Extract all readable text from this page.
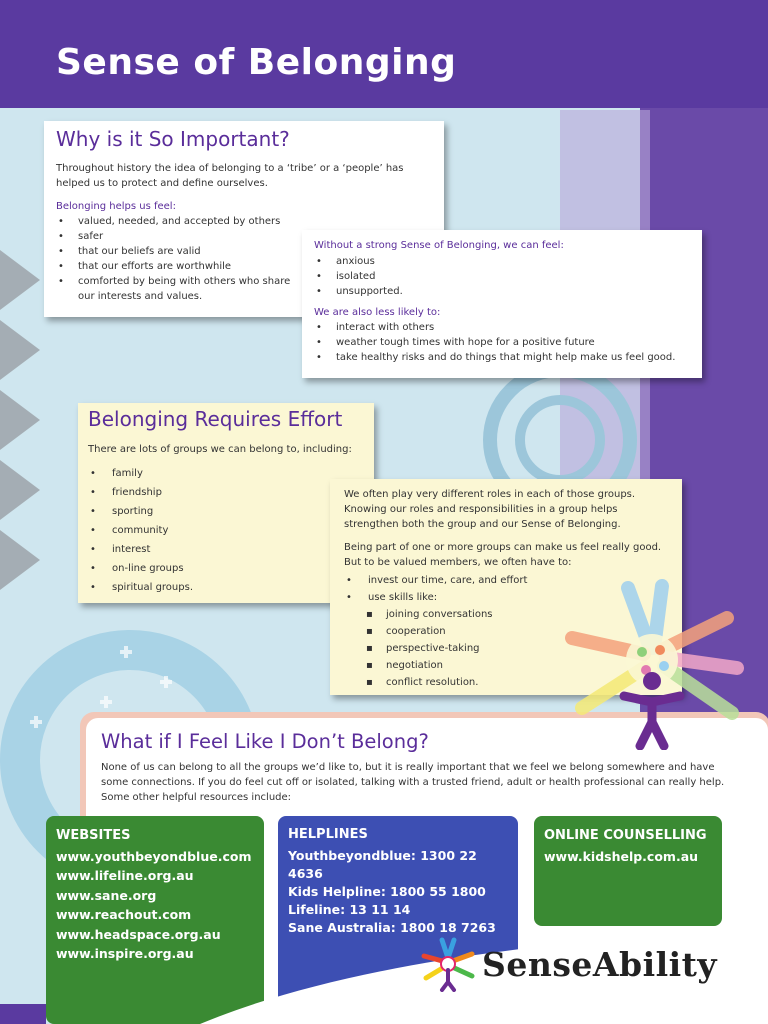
Sense of Belonging
Why is it So Important?
Throughout history the idea of belonging to a ‘tribe’ or a ‘people’ has helped us to protect and define ourselves.
Belonging helps us feel:
• valued, needed, and accepted by others
• safer
• that our beliefs are valid
• that our efforts are worthwhile
• comforted by being with others who share our interests and values.
Without a strong Sense of Belonging, we can feel:
• anxious
• isolated
• unsupported.
We are also less likely to:
• interact with others
• weather tough times with hope for a positive future
• take healthy risks and do things that might help make us feel good.
Belonging Requires Effort
There are lots of groups we can belong to, including:
• family
• friendship
• sporting
• community
• interest
• on-line groups
• spiritual groups.
We often play very different roles in each of those groups. Knowing our roles and responsibilities in a group helps strengthen both the group and our Sense of Belonging.
Being part of one or more groups can make us feel really good. But to be valued members, we often have to:
• invest our time, care, and effort
• use skills like:
▪ joining conversations
▪ cooperation
▪ perspective-taking
▪ negotiation
▪ conflict resolution.
What if I Feel Like I Don’t Belong?
None of us can belong to all the groups we’d like to, but it is really important that we feel we belong somewhere and have some connections. If you do feel cut off or isolated, talking with a trusted friend, adult or health professional can really help. Some other helpful resources include:
WEBSITES
www.youthbeyondblue.com
www.lifeline.org.au
www.sane.org
www.reachout.com
www.headspace.org.au
www.inspire.org.au
HELPLINES
Youthbeyondblue: 1300 22 4636
Kids Helpline: 1800 55 1800
Lifeline: 13 11 14
Sane Australia: 1800 18 7263
ONLINE COUNSELLING
www.kidshelp.com.au
SenseAbility
